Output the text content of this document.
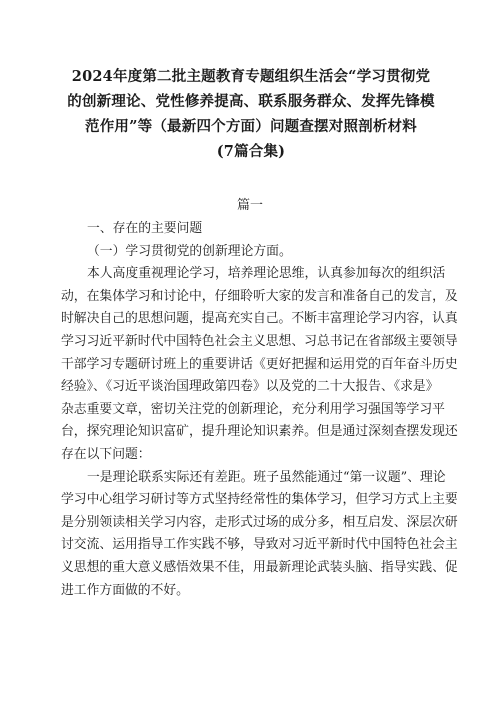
2024年度第二批主题教育专题组织生活会“学习贯彻党
的创新理论、党性修养提高、联系服务群众、发挥先锋模
范作用”等（最新四个方面）问题查摆对照剖析材料
(7篇合集)
篇一

一、存在的主要问题

（一）学习贯彻党的创新理论方面。

本人高度重视理论学习，培养理论思维，认真参加每次的组织活
动，在集体学习和讨论中，仔细聆听大家的发言和准备自己的发言，及
时解决自己的思想问题，提高充实自己。不断丰富理论学习内容，认真
学习习近平新时代中国特色社会主义思想、习总书记在省部级主要领导
干部学习专题研讨班上的重要讲话《更好把握和运用党的百年奋斗历史
经验》、《习近平谈治国理政第四卷》以及党的二十大报告、《求是》
杂志重要文章，密切关注党的创新理论，充分利用学习强国等学习平
台，探究理论知识富矿，提升理论知识素养。但是通过深刻查摆发现还
存在以下问题：

一是理论联系实际还有差距。班子虽然能通过“第一议题”、理论
学习中心组学习研讨等方式坚持经常性的集体学习，但学习方式上主要
是分别领读相关学习内容，走形式过场的成分多，相互启发、深层次研
讨交流、运用指导工作实践不够，导致对习近平新时代中国特色社会主
义思想的重大意义感悟效果不佳，用最新理论武装头脑、指导实践、促
进工作方面做的不好。
